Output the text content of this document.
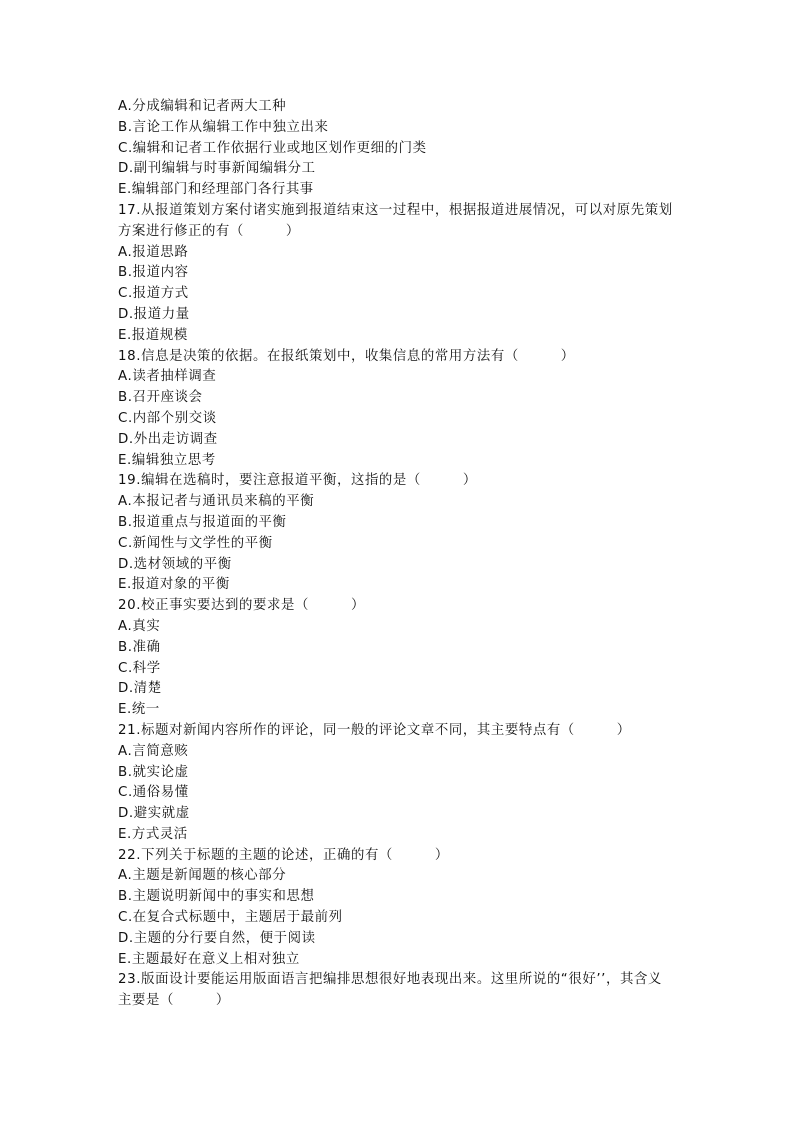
A.分成编辑和记者两大工种
B.言论工作从编辑工作中独立出来
C.编辑和记者工作依据行业或地区划作更细的门类
D.副刊编辑与时事新闻编辑分工
E.编辑部门和经理部门各行其事
17.从报道策划方案付诸实施到报道结束这一过程中，根据报道进展情况，可以对原先策划
方案进行修正的有（　　　）
A.报道思路
B.报道内容
C.报道方式
D.报道力量
E.报道规模
18.信息是决策的依据。在报纸策划中，收集信息的常用方法有（　　　）
A.读者抽样调查
B.召开座谈会
C.内部个别交谈
D.外出走访调查
E.编辑独立思考
19.编辑在选稿时，要注意报道平衡，这指的是（　　　）
A.本报记者与通讯员来稿的平衡
B.报道重点与报道面的平衡
C.新闻性与文学性的平衡
D.选材领域的平衡
E.报道对象的平衡
20.校正事实要达到的要求是（　　　）
A.真实
B.准确
C.科学
D.清楚
E.统一
21.标题对新闻内容所作的评论，同一般的评论文章不同，其主要特点有（　　　）
A.言简意赅
B.就实论虚
C.通俗易懂
D.避实就虚
E.方式灵活
22.下列关于标题的主题的论述，正确的有（　　　）
A.主题是新闻题的核心部分
B.主题说明新闻中的事实和思想
C.在复合式标题中，主题居于最前列
D.主题的分行要自然，便于阅读
E.主题最好在意义上相对独立
23.版面设计要能运用版面语言把编排思想很好地表现出来。这里所说的“很好’’，其含义
主要是（　　　）
